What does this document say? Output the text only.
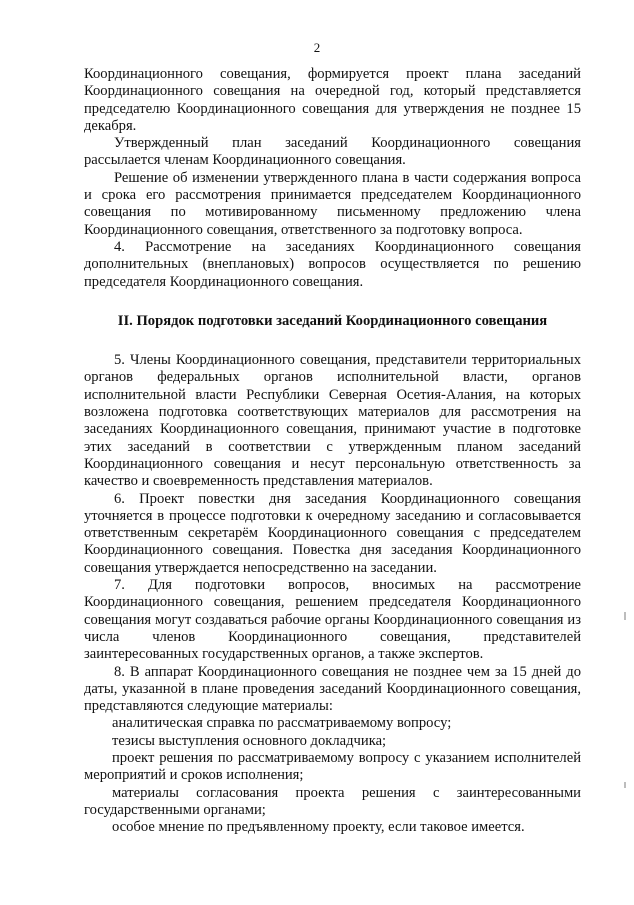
2

Координационного совещания, формируется проект плана заседаний Координационного совещания на очередной год, который представляется председателю Координационного совещания для утверждения не позднее 15 декабря.

Утвержденный план заседаний Координационного совещания рассылается членам Координационного совещания.

Решение об изменении утвержденного плана в части содержания вопроса и срока его рассмотрения принимается председателем Координационного совещания по мотивированному письменному предложению члена Координационного совещания, ответственного за подготовку вопроса.

4. Рассмотрение на заседаниях Координационного совещания дополнительных (внеплановых) вопросов осуществляется по решению председателя Координационного совещания.

II. Порядок подготовки заседаний Координационного совещания

5. Члены Координационного совещания, представители территориальных органов федеральных органов исполнительной власти, органов исполнительной власти Республики Северная Осетия-Алания, на которых возложена подготовка соответствующих материалов для рассмотрения на заседаниях Координационного совещания, принимают участие в подготовке этих заседаний в соответствии с утвержденным планом заседаний Координационного совещания и несут персональную ответственность за качество и своевременность представления материалов.

6. Проект повестки дня заседания Координационного совещания уточняется в процессе подготовки к очередному заседанию и согласовывается ответственным секретарём Координационного совещания с председателем Координационного совещания. Повестка дня заседания Координационного совещания утверждается непосредственно на заседании.

7. Для подготовки вопросов, вносимых на рассмотрение Координационного совещания, решением председателя Координационного совещания могут создаваться рабочие органы Координационного совещания из числа членов Координационного совещания, представителей заинтересованных государственных органов, а также экспертов.

8. В аппарат Координационного совещания не позднее чем за 15 дней до даты, указанной в плане проведения заседаний Координационного совещания, представляются следующие материалы:

аналитическая справка по рассматриваемому вопросу;

тезисы выступления основного докладчика;

проект решения по рассматриваемому вопросу с указанием исполнителей мероприятий и сроков исполнения;

материалы согласования проекта решения с заинтересованными государственными органами;

особое мнение по предъявленному проекту, если таковое имеется.
